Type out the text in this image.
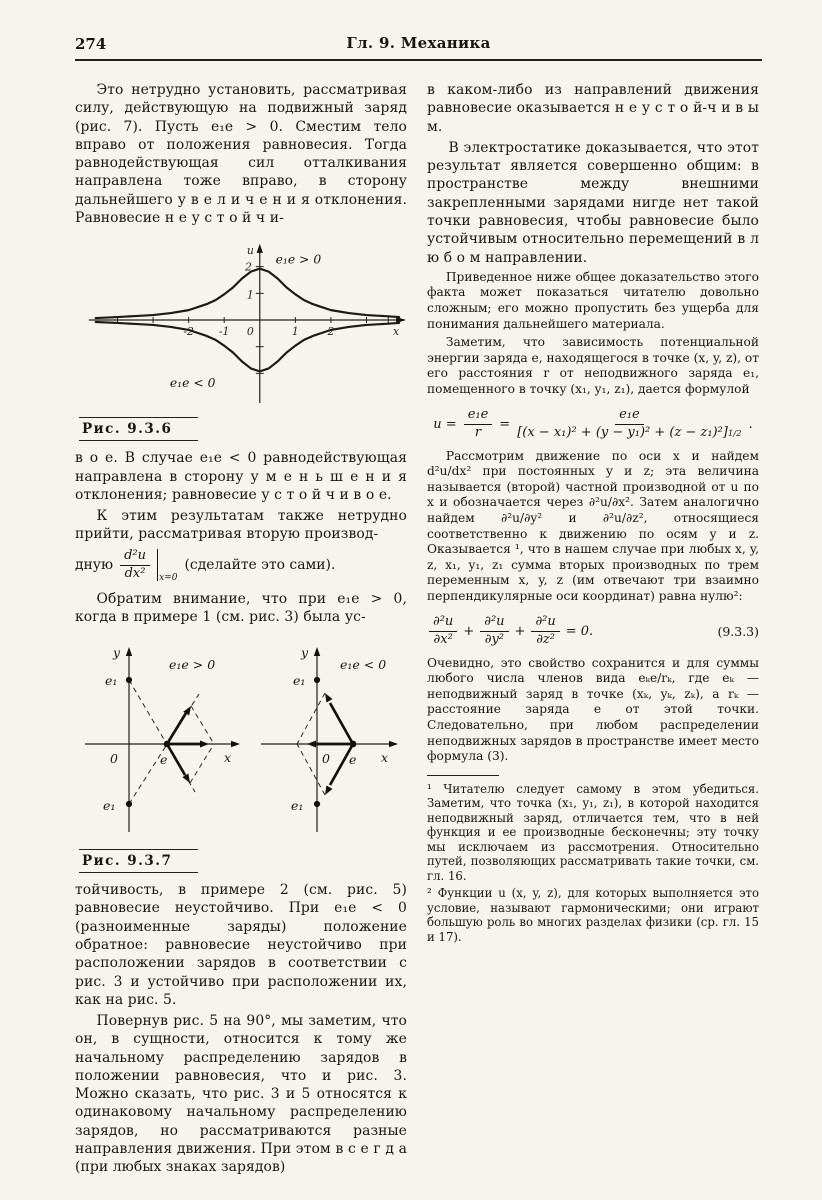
274	Гл. 9. Механика

Это нетрудно установить, рассматривая силу, действующую на подвижный заряд (рис. 7). Пусть e₁e > 0. Сместим тело вправо от положения равновесия. Тогда равнодействующая сил отталкивания направлена тоже вправо, в сторону дальнейшего у в е л и ч е н и я отклонения. Равновесие н е у с т о й ч и-

u
2
1
-2 -1 0	1	2	x
e₁e > 0
e₁e < 0

Рис. 9.3.6

в о е. В случае e₁e < 0 равнодействующая направлена в сторону у м е н ь ш е н и я отклонения; равновесие у с т о й ч и в о е.

К этим результатам также нетрудно прийти, рассматривая вторую производ-

дную $\frac{\text{d²u}}{\text{dx²}} x=0$
(сделайте это сами).

Обратим внимание, что при e₁e > 0, когда в примере 1 (см. рис. 3) была ус-

y
e₁
e₁
0	e	x
e₁e > 0
y
e₁
e₁
0 e x
e₁e < 0
Рис. 9.3.7

тойчивость, в примере 2 (см. рис. 5) равновесие неустойчиво. При e₁e < 0 (разноименные заряды) положение обратное: равновесие неустойчиво при расположении зарядов в соответствии с рис. 3 и устойчиво при расположении их, как на рис. 5.

Повернув рис. 5 на 90°, мы заметим, что он, в сущности, относится к тому же начальному распределению зарядов в положении равновесия, что и рис. 3. Можно сказать, что рис. 3 и 5 относятся к одинаковому начальному распределению зарядов, но рассматриваются разные направления движения. При этом в с е г д а (при любых знаках зарядов)

в каком-либо из направлений движения равновесие оказывается н е у с т о й-ч и в ы м.

В электростатике доказывается, что этот результат является совершенно общим: в пространстве между внешними закрепленными зарядами нигде нет такой точки равновесия, чтобы равновесие было устойчивым относительно перемещений в л ю б о м направлении.

Приведенное ниже общее доказательство этого факта может показаться читателю довольно сложным; его можно пропустить без ущерба для понимания дальнейшего материала.

Заметим, что зависимость потенциальной энергии заряда e, находящегося в точке (x, y, z), от его расстояния r от неподвижного заряда e₁, помещенного в точку (x₁, y₁, z₁), дается формулой

$u = \frac{\text{e₁e}}{r} = \frac{\text{e₁e}}{\text{[(x − x₁)² + (y − y₁)² + (z − z₁)²]1/2}}$ .

Рассмотрим движение по оси x и найдем d²u/dx² при постоянных y и z; эта величина называется (второй) частной производной от u по x и обозначается через ∂²u/∂x². Затем аналогично найдем ∂²u/∂y² и ∂²u/∂z², относящиеся соответственно к движению по осям y и z. Оказывается ¹, что в нашем случае при любых x, y, z, x₁, y₁, z₁ сумма вторых производных по трем переменным x, y, z (им отвечают три взаимно перпендикулярные оси координат) равна нулю²:

$\frac{\text{∂²u}}{\text{∂x²}} + \frac{\text{∂²u}}{\text{∂y²}} + \frac{\text{∂²u}}{\text{∂z²}} = 0$.	(9.3.3)

Очевидно, это свойство сохранится и для суммы любого числа членов вида eₖe/rₖ, где eₖ — неподвижный заряд в точке (xₖ, yₖ, zₖ), а rₖ — расстояние заряда e от этой точки. Следовательно, при любом распределении неподвижных зарядов в пространстве имеет место формула (3).

¹ Читателю следует самому в этом убедиться. Заметим, что точка (x₁, y₁, z₁), в которой находится неподвижный заряд, отличается тем, что в ней функция и ее производные бесконечны; эту точку мы исключаем из рассмотрения. Относительно путей, позволяющих рассматривать такие точки, см. гл. 16.

² Функции u (x, y, z), для которых выполняется это условие, называют гармоническими; они играют большую роль во многих разделах физики (ср. гл. 15 и 17).
